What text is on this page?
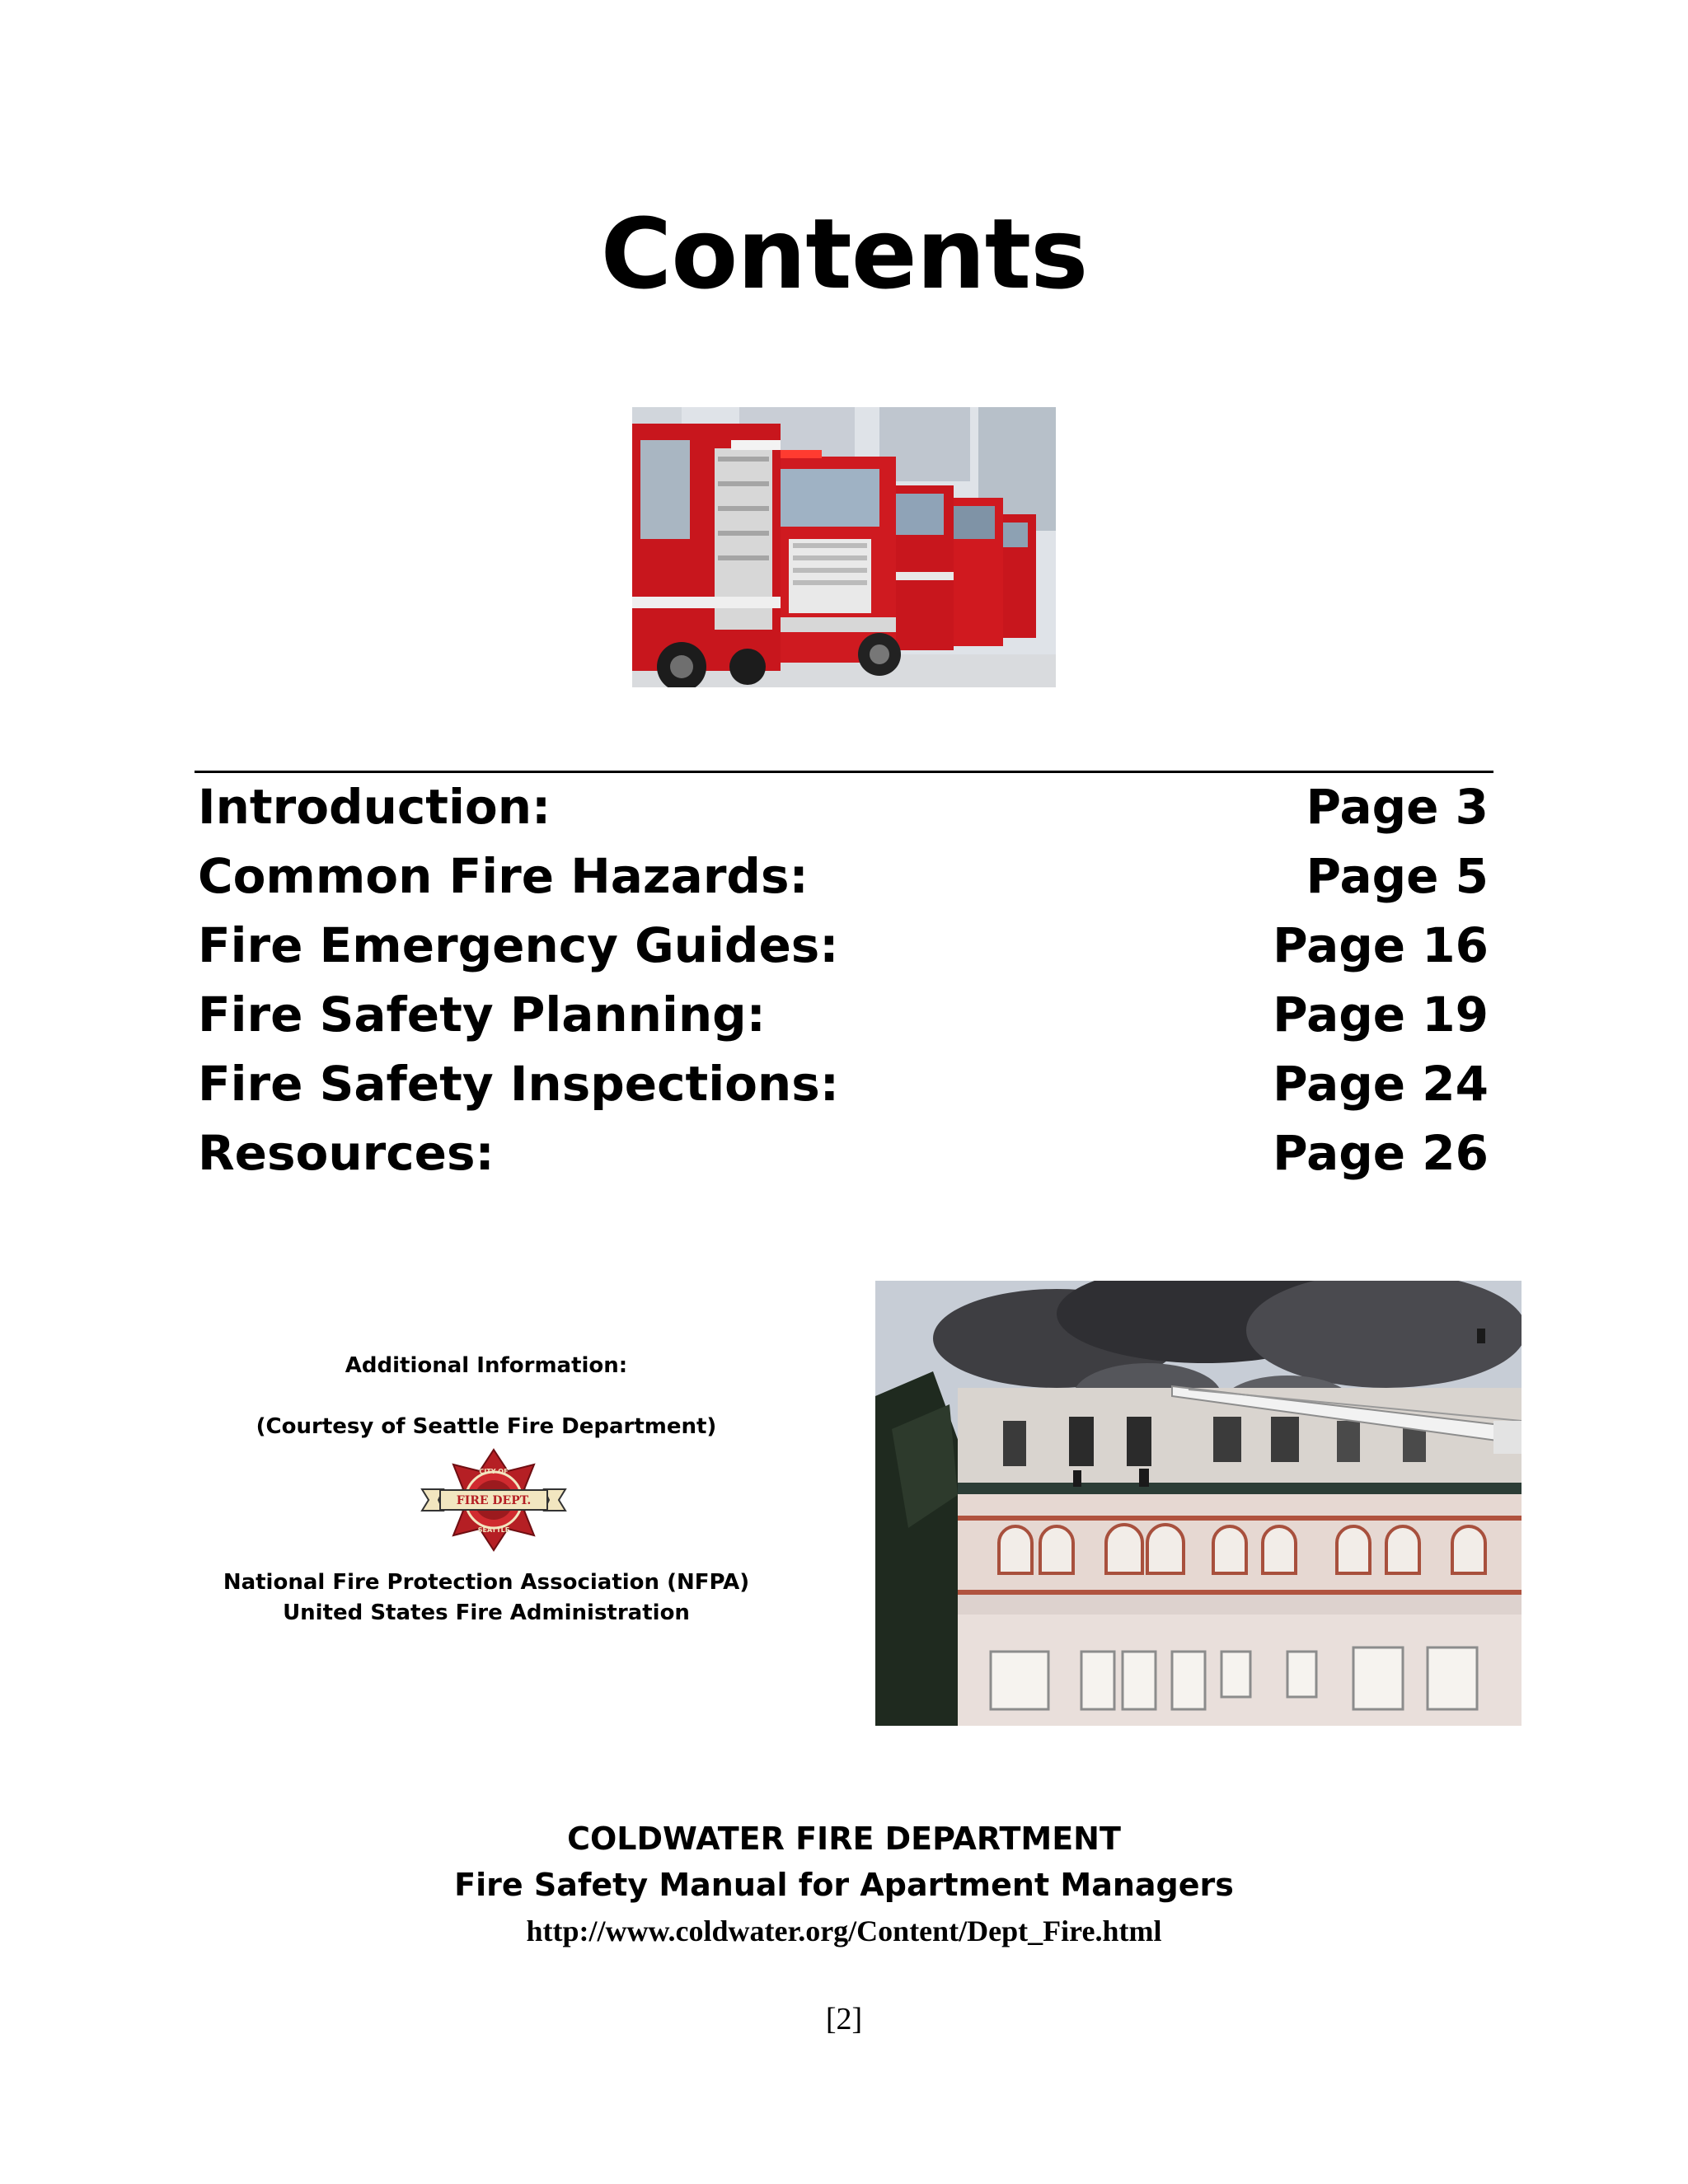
Contents
Introduction:	Page 3
Common Fire Hazards:	Page 5
Fire Emergency Guides:	Page 16
Fire Safety Planning:	Page 19
Fire Safety Inspections:	Page 24
Resources:	Page 26
Additional Information:
(Courtesy of Seattle Fire Department)
FIRE DEPT.
CITY OF
SEATTLE
National Fire Protection Association (NFPA)
United States Fire Administration
COLDWATER FIRE DEPARTMENT
Fire Safety Manual for Apartment Managers
http://www.coldwater.org/Content/Dept_Fire.html
[2]
